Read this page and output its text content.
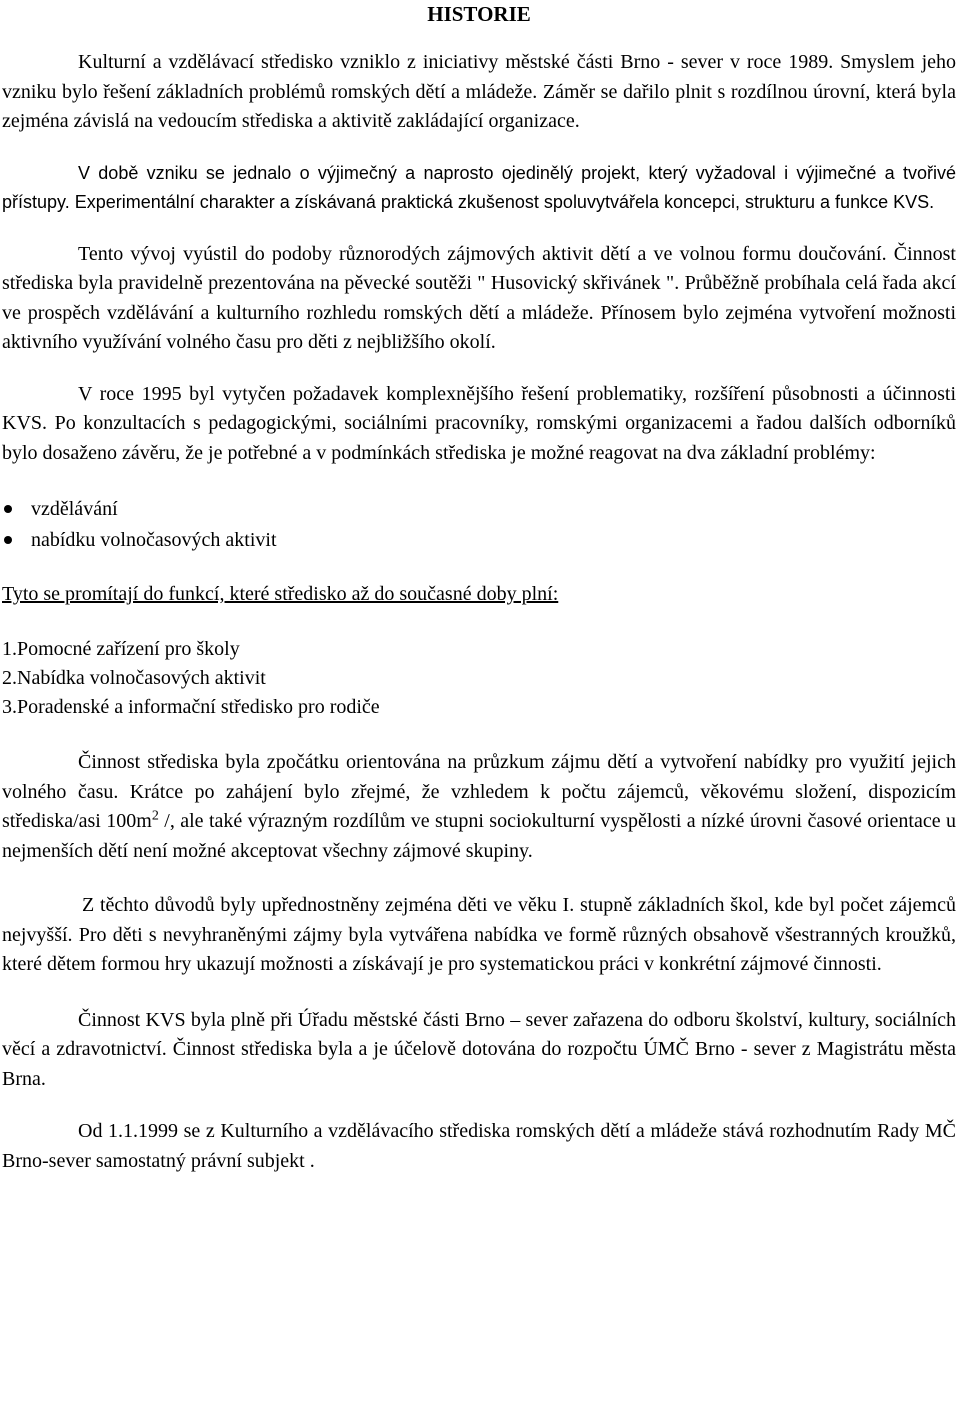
HISTORIE

Kulturní a vzdělávací středisko vzniklo z iniciativy městské části Brno - sever v roce 1989. Smyslem jeho vzniku bylo řešení základních problémů romských dětí a mládeže. Záměr se dařilo plnit s rozdílnou úrovní, která byla zejména závislá na vedoucím střediska a aktivitě zakládající organizace.

V době vzniku se jednalo o výjimečný a naprosto ojedinělý projekt, který vyžadoval i výjimečné a tvořivé přístupy. Experimentální charakter a získávaná praktická zkušenost spoluvytvářela koncepci, strukturu a funkce KVS.

Tento vývoj vyústil do podoby různorodých zájmových aktivit dětí a ve volnou formu doučování. Činnost střediska byla pravidelně prezentována na pěvecké soutěži " Husovický skřivánek ". Průběžně probíhala celá řada akcí ve prospěch vzdělávání a kulturního rozhledu romských dětí a mládeže. Přínosem bylo zejména vytvoření možnosti aktivního využívání volného času pro děti z nejbližšího okolí.

V roce 1995 byl vytyčen požadavek komplexnějšího řešení problematiky, rozšíření působnosti a účinnosti KVS. Po konzultacích s pedagogickými, sociálními pracovníky, romskými organizacemi a řadou dalších odborníků bylo dosaženo závěru, že je potřebné a v podmínkách střediska je možné reagovat na dva základní problémy:

vzdělávání
nabídku volnočasových aktivit
Tyto se promítají do funkcí, které středisko až do současné doby plní:
1.Pomocné zařízení pro školy
2.Nabídka volnočasových aktivit
3.Poradenské a informační středisko pro rodiče

Činnost střediska byla zpočátku orientována na průzkum zájmu dětí a vytvoření nabídky pro využití jejich volného času. Krátce po zahájení bylo zřejmé, že vzhledem k počtu zájemců, věkovému složení, dispozicím střediska/asi $100m^2$ /, ale také výrazným rozdílům ve stupni sociokulturní vyspělosti a nízké úrovni časové orientace u nejmenších dětí není možné akceptovat všechny zájmové skupiny.

Z těchto důvodů byly upřednostněny zejména děti ve věku I. stupně základních škol, kde byl počet zájemců nejvyšší. Pro děti s nevyhraněnými zájmy byla vytvářena nabídka ve formě různých obsahově všestranných kroužků, které dětem formou hry ukazují možnosti a získávají je pro systematickou práci v konkrétní zájmové činnosti.

Činnost KVS byla plně při Úřadu městské části Brno – sever zařazena do odboru školství, kultury, sociálních věcí a zdravotnictví. Činnost střediska byla a je účelově dotována do rozpočtu ÚMČ Brno - sever z Magistrátu města Brna.

Od 1.1.1999 se z Kulturního a vzdělávacího střediska romských dětí a mládeže stává rozhodnutím Rady MČ Brno-sever samostatný právní subjekt .
